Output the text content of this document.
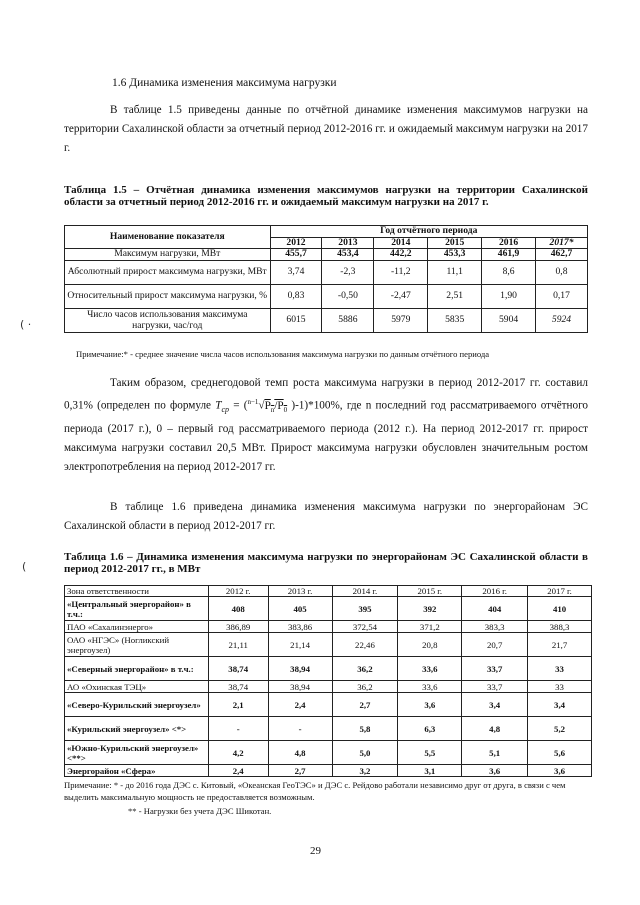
1.6 Динамика изменения максимума нагрузки
В таблице 1.5 приведены данные по отчётной динамике изменения максимумов нагрузки на территории Сахалинской области за отчетный период 2012-2016 гг. и ожидаемый максимум нагрузки на 2017 г.
Таблица 1.5 – Отчётная динамика изменения максимумов нагрузки на территории Сахалинской области за отчетный период 2012-2016 гг. и ожидаемый максимум нагрузки на 2017 г.
Наименование показателя	Год отчётного периода					
	2012	2013	2014	2015	2016	2017*
Максимум нагрузки, МВт	455,7	453,4	442,2	453,3	461,9	462,7
Абсолютный прирост максимума нагрузки, МВт	3,74	-2,3	-11,2	11,1	8,6	0,8
Относительный прирост максимума нагрузки, %	0,83	-0,50	-2,47	2,51	1,90	0,17
Число часов использования максимума нагрузки, час/год	6015	5886	5979	5835	5904	5924
Примечание:* - среднее значение числа часов использования максимума нагрузки по данным отчётного периода
Таким образом, среднегодовой темп роста максимума нагрузки в период 2012-2017 гг. составил 0,31% (определен по формуле $T_{ср} = (^{n-1}√P_n/P_0$ )-1)*100%, где n последний год рассматриваемого отчётного периода (2017 г.), 0 – первый год рассматриваемого периода (2012 г.). На период 2012-2017 гг. прирост максимума нагрузки составил 20,5 МВт. Прирост максимума нагрузки обусловлен значительным ростом электропотребления на период 2012-2017 гг.
В таблице 1.6 приведена динамика изменения максимума нагрузки по энергорайонам ЭС Сахалинской области в период 2012-2017 гг.
Таблица 1.6 – Динамика изменения максимума нагрузки по энергорайонам ЭС Сахалинской области в период 2012-2017 гг., в МВт
Зона ответственности	2012 г.	2013 г.	2014 г.	2015 г.	2016 г.	2017 г.
«Центральный энергорайон» в т.ч.:	408	405	395	392	404	410
ПАО «Сахалинэнерго»	386,89	383,86	372,54	371,2	383,3	388,3
ОАО «НГЭС» (Ногликский энергоузел)	21,11	21,14	22,46	20,8	20,7	21,7
«Северный энергорайон» в т.ч.:	38,74	38,94	36,2	33,6	33,7	33
АО «Охинская ТЭЦ»	38,74	38,94	36,2	33,6	33,7	33
«Северо-Курильский энергоузел»	2,1	2,4	2,7	3,6	3,4	3,4
«Курильский энергоузел» <*>	-	-	5,8	6,3	4,8	5,2
«Южно-Курильский энергоузел» <**>	4,2	4,8	5,0	5,5	5,1	5,6
Энергорайон «Сфера»	2,4	2,7	3,2	3,1	3,6	3,6
Примечание: * - до 2016 года ДЭС с. Китовый, «Океанская ГеоТЭС» и ДЭС с. Рейдово работали независимо друг от друга, в связи с чем выделить максимальную мощность не предоставляется возможным.
** - Нагрузки без учета ДЭС Шикотан.
29
( ·
(
